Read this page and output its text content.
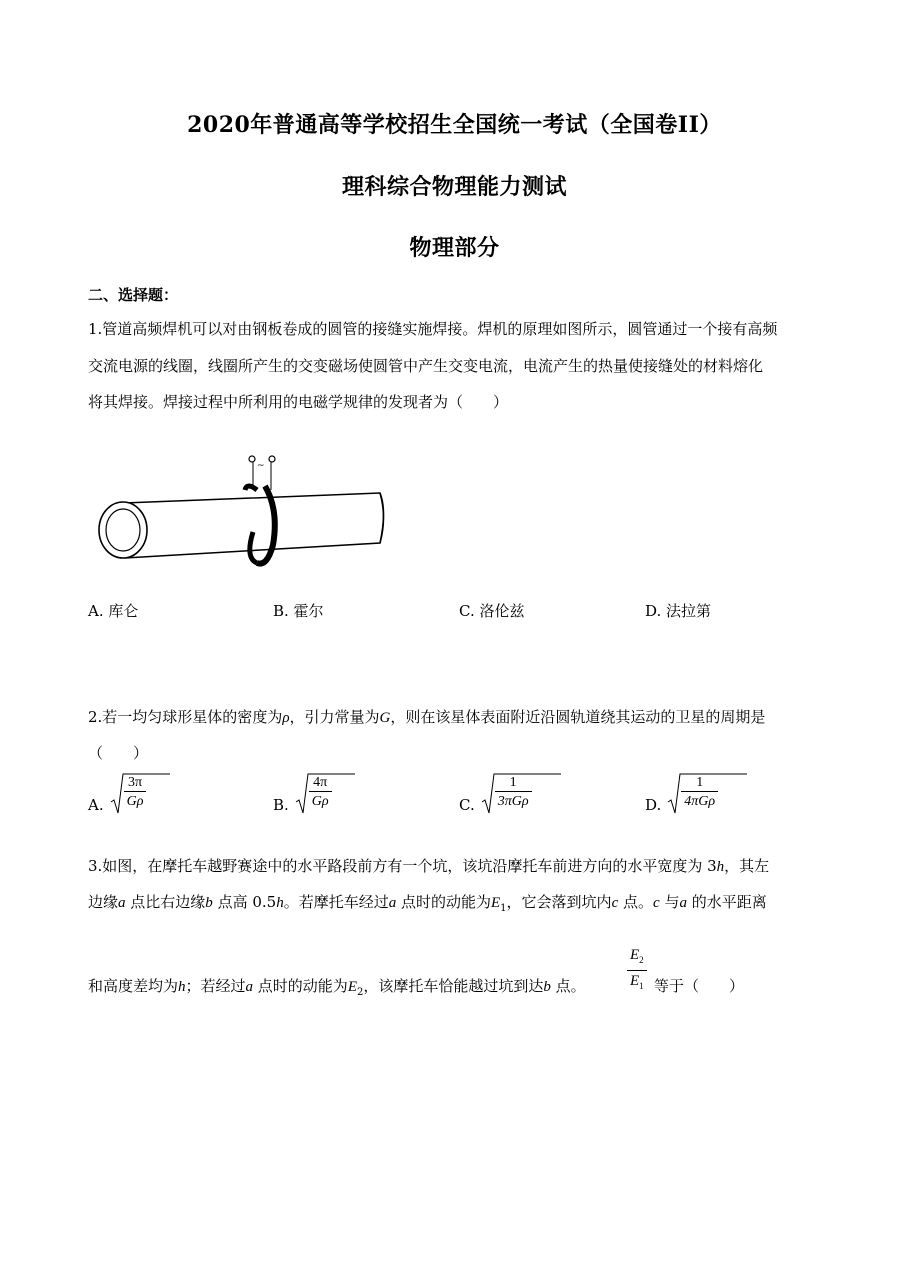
2020年普通高等学校招生全国统一考试（全国卷II）
理科综合物理能力测试
物理部分
二、选择题：
1.管道高频焊机可以对由钢板卷成的圆管的接缝实施焊接。焊机的原理如图所示，圆管通过一个接有高频
交流电源的线圈，线圈所产生的交变磁场使圆管中产生交变电流，电流产生的热量使接缝处的材料熔化
将其焊接。焊接过程中所利用的电磁学规律的发现者为（　　）
~
A. 库仑	B. 霍尔	C. 洛伦兹	D. 法拉第
2.若一均匀球形星体的密度为ρ，引力常量为G，则在该星体表面附近沿圆轨道绕其运动的卫星的周期是
（　　）
A. $\frac{3\pi}{G\rho}$	B. $\frac{4\pi}{G\rho}$	C. $\frac{1}{\text{3πGρ}}$	D. $\frac{1}{\text{4πGρ}}$
3.如图，在摩托车越野赛途中的水平路段前方有一个坑，该坑沿摩托车前进方向的水平宽度为 3h，其左
边缘a 点比右边缘b 点高 0.5h。若摩托车经过a 点时的动能为$E_1$，它会落到坑内c 点。c 与a 的水平距离
和高度差均为h；若经过a 点时的动能为$E_2$，该摩托车恰能越过坑到达b 点。	$\frac{E_2}{E_1}$ 等于（　　）
